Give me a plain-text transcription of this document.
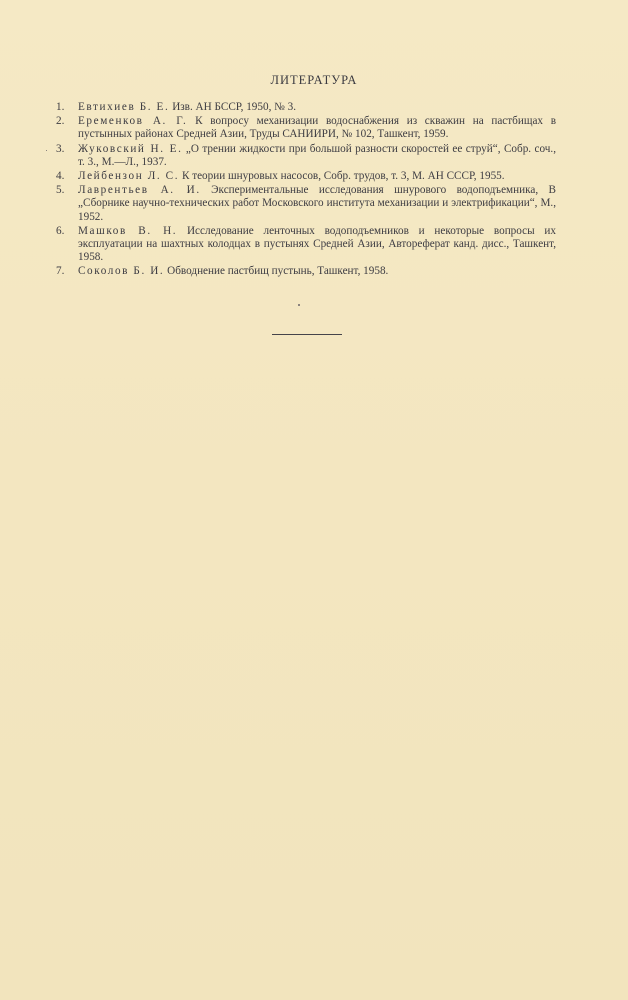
ЛИТЕРАТУРА
1.	Евтихиев Б. Е. Изв. АН БССР, 1950, № 3.
2.	Еременков А. Г. К вопросу механизации водоснабжения из скважин на пастбищах в пустынных районах Средней Азии, Труды САНИИРИ, № 102, Ташкент, 1959.
3.	Жуковский Н. Е. „О трении жидкости при большой разности скоростей ее струй“, Собр. соч., т. 3., М.—Л., 1937.
4.	Лейбензон Л. С. К теории шнуровых насосов, Собр. трудов, т. 3, М. АН СССР, 1955.
5.	Лаврентьев А. И. Экспериментальные исследования шнурового водоподъемника, В „Сборнике научно-технических работ Московского института механизации и электрификации“, М., 1952.
6.	Машков В. Н. Исследование ленточных водоподъемников и некоторые вопросы их эксплуатации на шахтных колодцах в пустынях Средней Азии, Автореферат канд. дисс., Ташкент, 1958.
7.	Соколов Б. И. Обводнение пастбищ пустынь, Ташкент, 1958.
